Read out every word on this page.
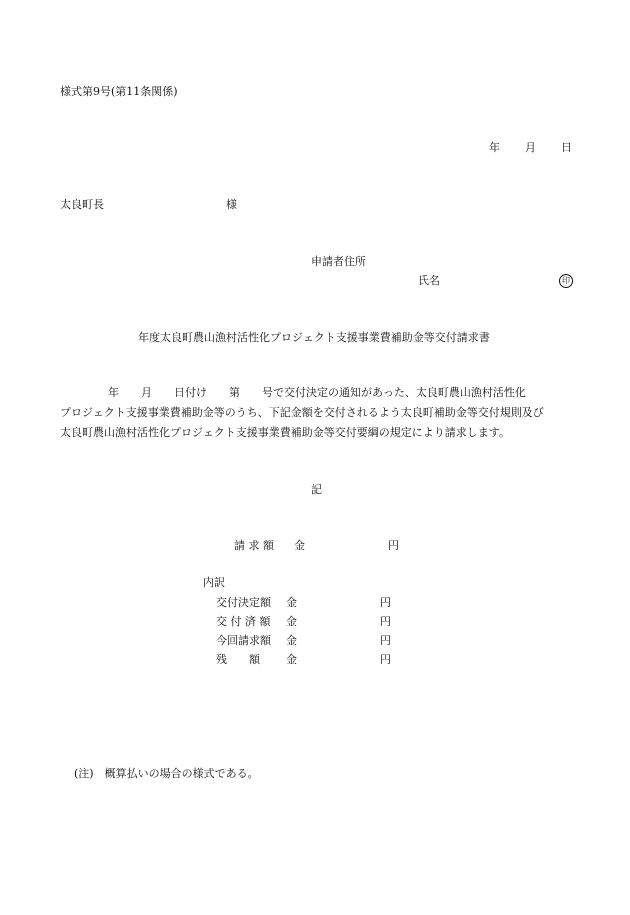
様式第9号(第11条関係)
年 月 日
太良町長	様
申請者住所
氏名	印
年度太良町農山漁村活性化プロジェクト支援事業費補助金等交付請求書

年　　月　　日付け　　第　　号で交付決定の通知があった、太良町農山漁村活性化

プロジェクト支援事業費補助金等のうち、下記金額を交付されるよう太良町補助金等交付規則及び

太良町農山漁村活性化プロジェクト支援事業費補助金等交付要綱の規定により請求します。

記
請 求 額 金	円
内訳
交付決定額 金	円
交 付 済 額 金	円
今回請求額 金	円
残　　額 金	円
(注)　概算払いの場合の様式である。
